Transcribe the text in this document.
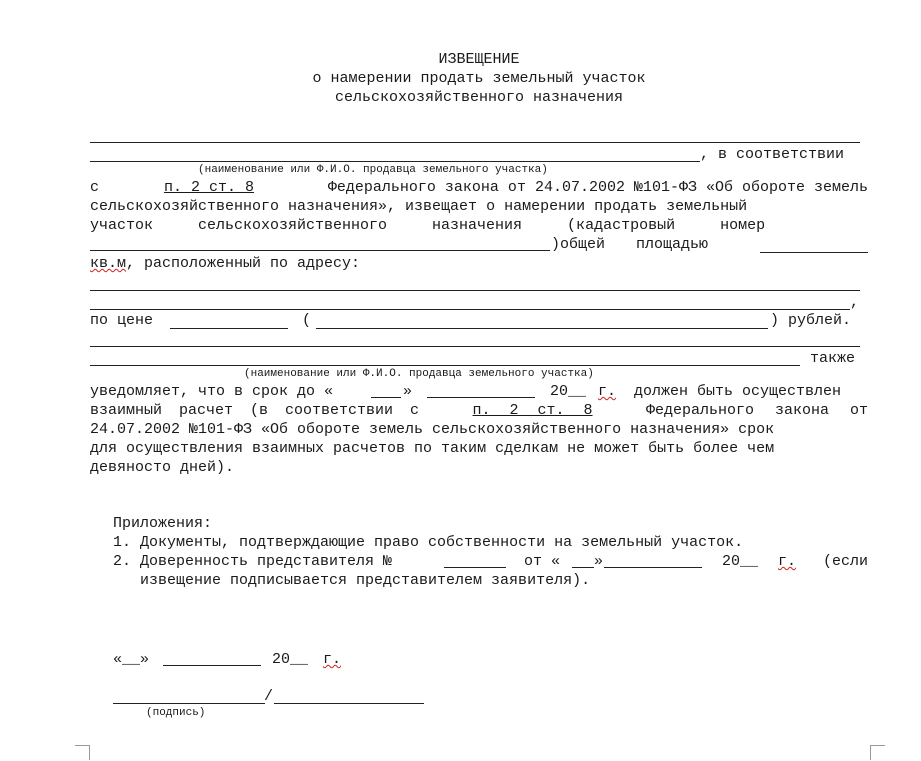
ИЗВЕЩЕНИЕ
о намерении продать земельный участок
сельскохозяйственного назначения
, в соответствии
(наименование или Ф.И.О. продавца земельного участка)
с	п. 2 ст. 8	Федерального закона от 24.07.2002 №101-ФЗ «Об обороте земель
сельскохозяйственного назначения», извещает о намерении продать земельный
участок сельскохозяйственного назначения (кадастровый номер
)общей площадью
кв.м, расположенный по адресу:
,
по цене	(	) рублей.
также
(наименование или Ф.И.О. продавца земельного участка)
уведомляет, что в срок до «	»	20__ г. должен быть осуществлен
взаимный расчет (в соответствии с	п. 2 ст. 8	Федерального закона от
24.07.2002 №101-ФЗ «Об обороте земель сельскохозяйственного назначения» срок
для осуществления взаимных расчетов по таким сделкам не может быть более чем
девяносто дней).
Приложения:
1. Документы, подтверждающие право собственности на земельный участок.
2. Доверенность представителя №	от « »	20__ г. (если
извещение подписывается представителем заявителя).
«__»	20__ г.
/
(подпись)
